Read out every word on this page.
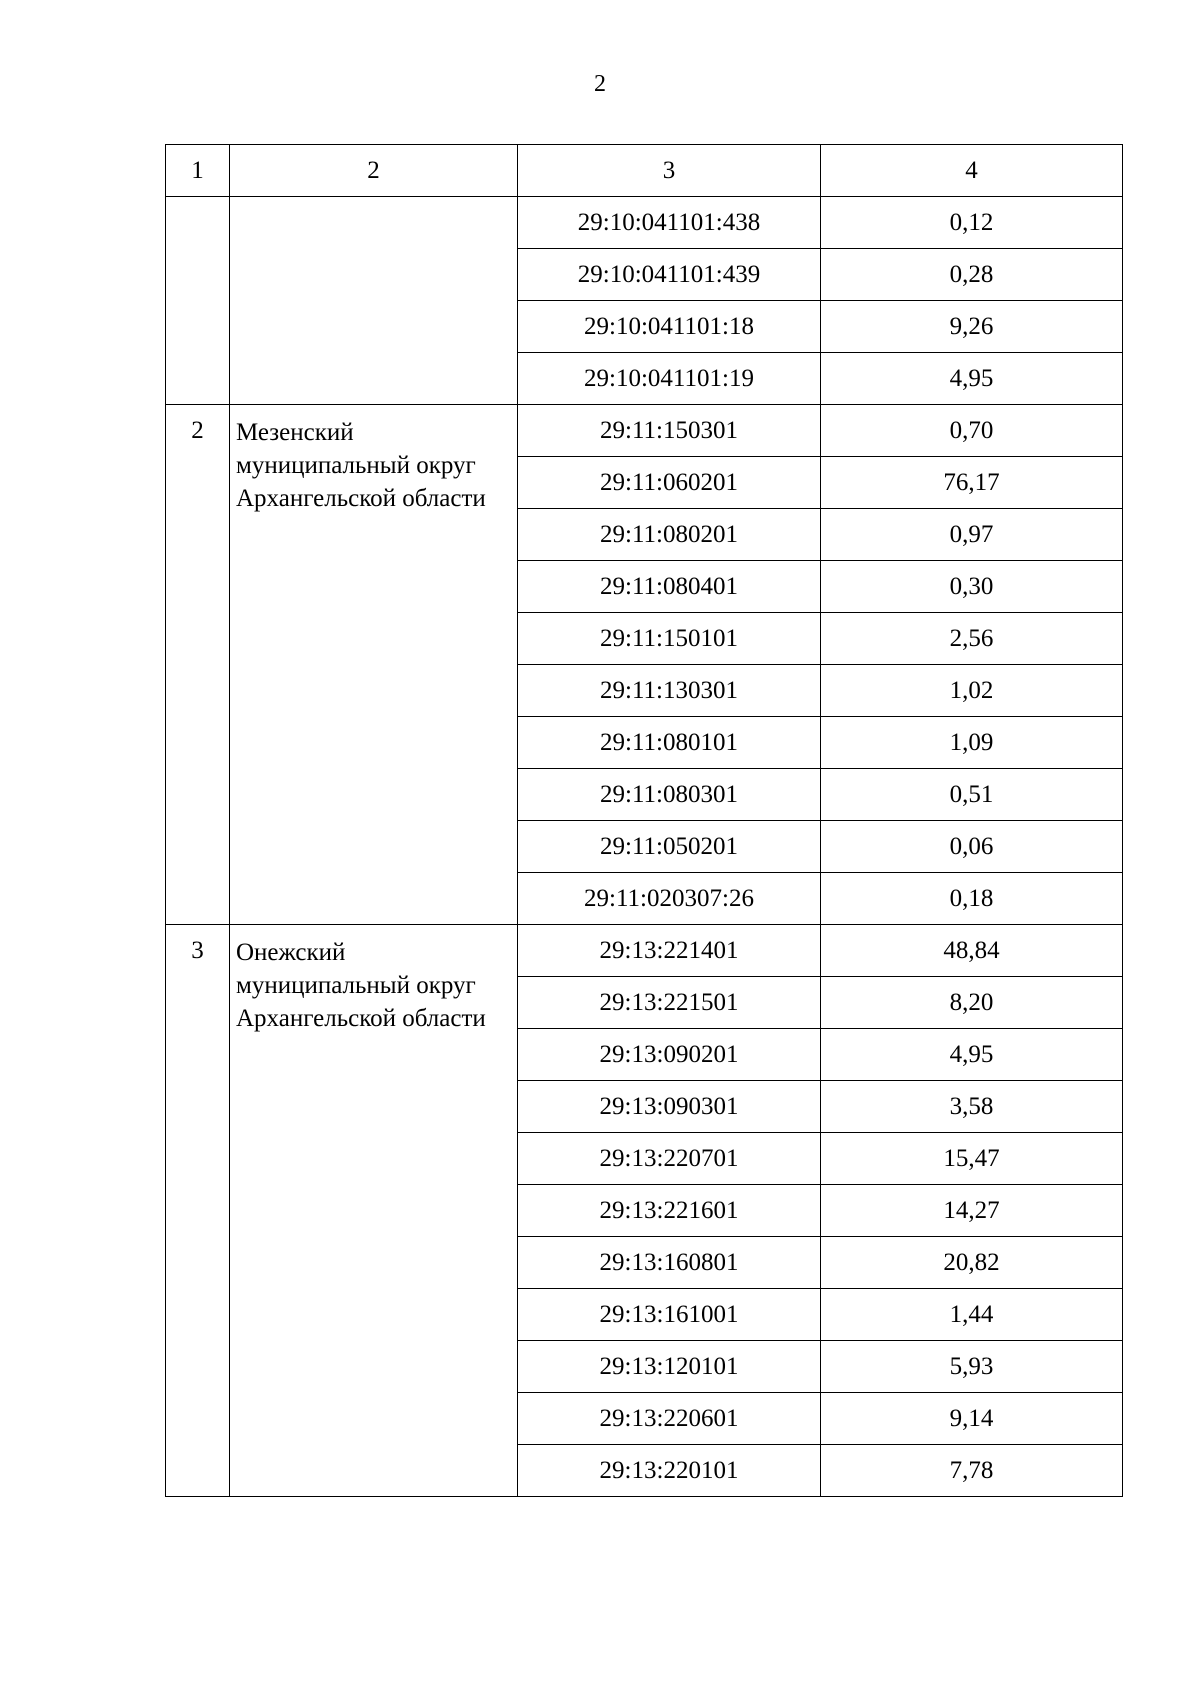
2
1	2	3	4
		29:10:041101:438	0,12
		29:10:041101:439	0,28
		29:10:041101:18	9,26
		29:10:041101:19	4,95
2	Мезенский муниципальный округ Архангельской области	29:11:150301	0,70
		29:11:060201	76,17
		29:11:080201	0,97
		29:11:080401	0,30
		29:11:150101	2,56
		29:11:130301	1,02
		29:11:080101	1,09
		29:11:080301	0,51
		29:11:050201	0,06
		29:11:020307:26	0,18
3	Онежский муниципальный округ Архангельской области	29:13:221401	48,84
		29:13:221501	8,20
		29:13:090201	4,95
		29:13:090301	3,58
		29:13:220701	15,47
		29:13:221601	14,27
		29:13:160801	20,82
		29:13:161001	1,44
		29:13:120101	5,93
		29:13:220601	9,14
		29:13:220101	7,78
